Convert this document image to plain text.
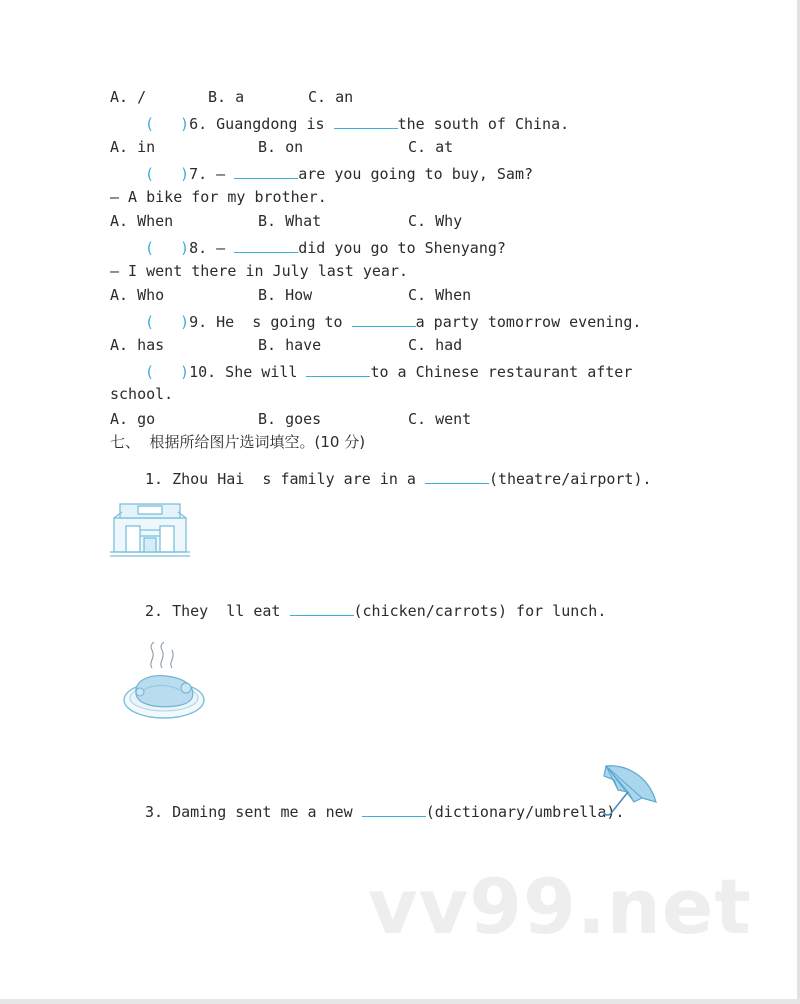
A. /	B. a	C. an
( )6. Guangdong is	the south of China.
A. in	B. on	C. at
( )7. —	are you going to buy, Sam?
— A bike for my brother.
A. When	B. What	C. Why
( )8. —	did you go to Shenyang?
— I went there in July last year.
A. Who	B. How	C. When
( )9. He  s going to	a party tomorrow evening.
A. has	B. have	C. had
( )10. She will	to a Chinese restaurant after
school.
A. go	B. goes	C. went
七、  根据所给图片选词填空。(10 分)
1. Zhou Hai  s family are in a	(theatre/airport).
2. They  ll eat	(chicken/carrots) for lunch.
3. Daming sent me a new	(dictionary/umbrella).
vv99.net
